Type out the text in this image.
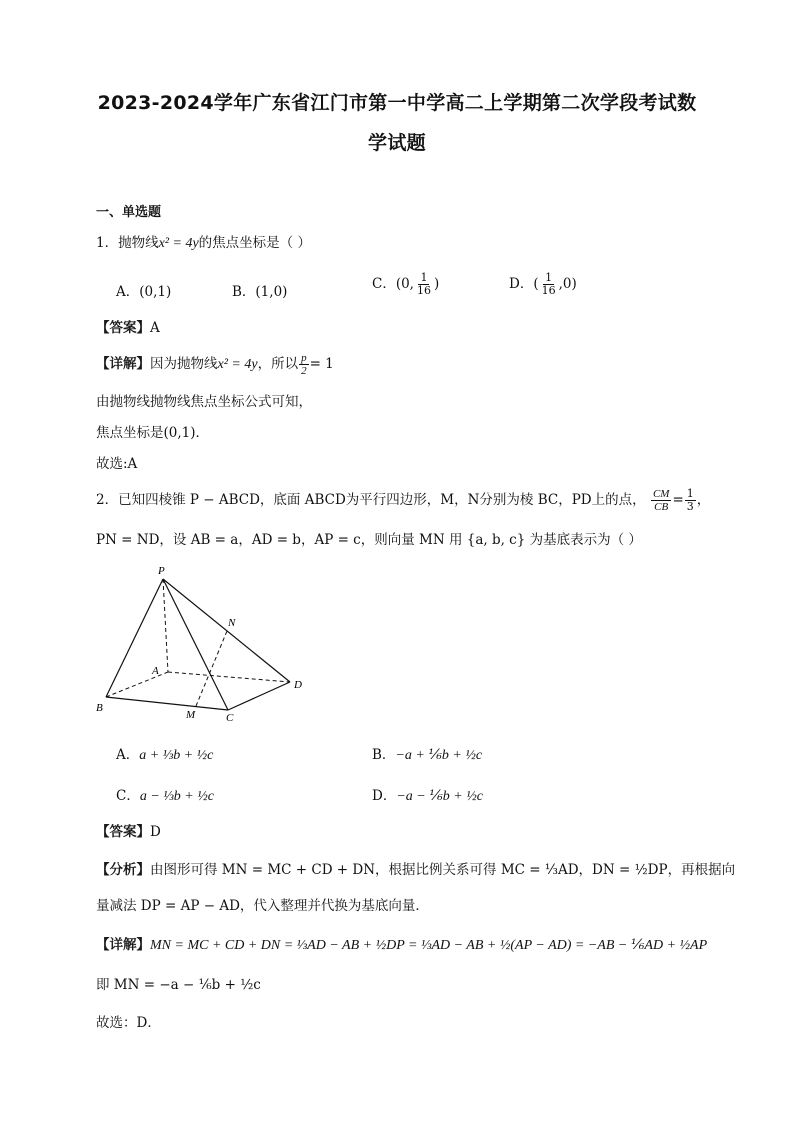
2023-2024学年广东省江门市第一中学高二上学期第二次学段考试数
学试题
一、单选题
1．抛物线x² = 4y的焦点坐标是（ ）
A．(0,1)	B．(1,0)	C．(0, $\frac{1}{16}$ )	D．( $\frac{1}{16} ,0$)
【答案】A
【详解】因为抛物线x² = 4y，所以 $\frac{p}{2} = 1$
由抛物线抛物线焦点坐标公式可知，
焦点坐标是(0,1)．
故选:A
2．已知四棱锥 P − ABCD，底面 ABCD为平行四边形，M，N分别为棱 BC，PD上的点， $\frac{CM}{CB} = \frac{1}{3}$ ，
PN = ND，设 AB = a，AD = b，AP = c，则向量 MN 用 {a, b, c} 为基底表示为（ ）
P
N
A
D
B
M	C
A．a + ⅓b + ½c	B．−a + ⅙b + ½c
C．a − ⅓b + ½c	D．−a − ⅙b + ½c
【答案】D
【分析】由图形可得 MN = MC + CD + DN，根据比例关系可得 MC = ⅓AD，DN = ½DP，再根据向
量减法 DP = AP − AD，代入整理并代换为基底向量．
【详解】MN = MC + CD + DN = ⅓AD − AB + ½DP = ⅓AD − AB + ½(AP − AD) = −AB − ⅙AD + ½AP
即 MN = −a − ⅙b + ½c
故选：D．
